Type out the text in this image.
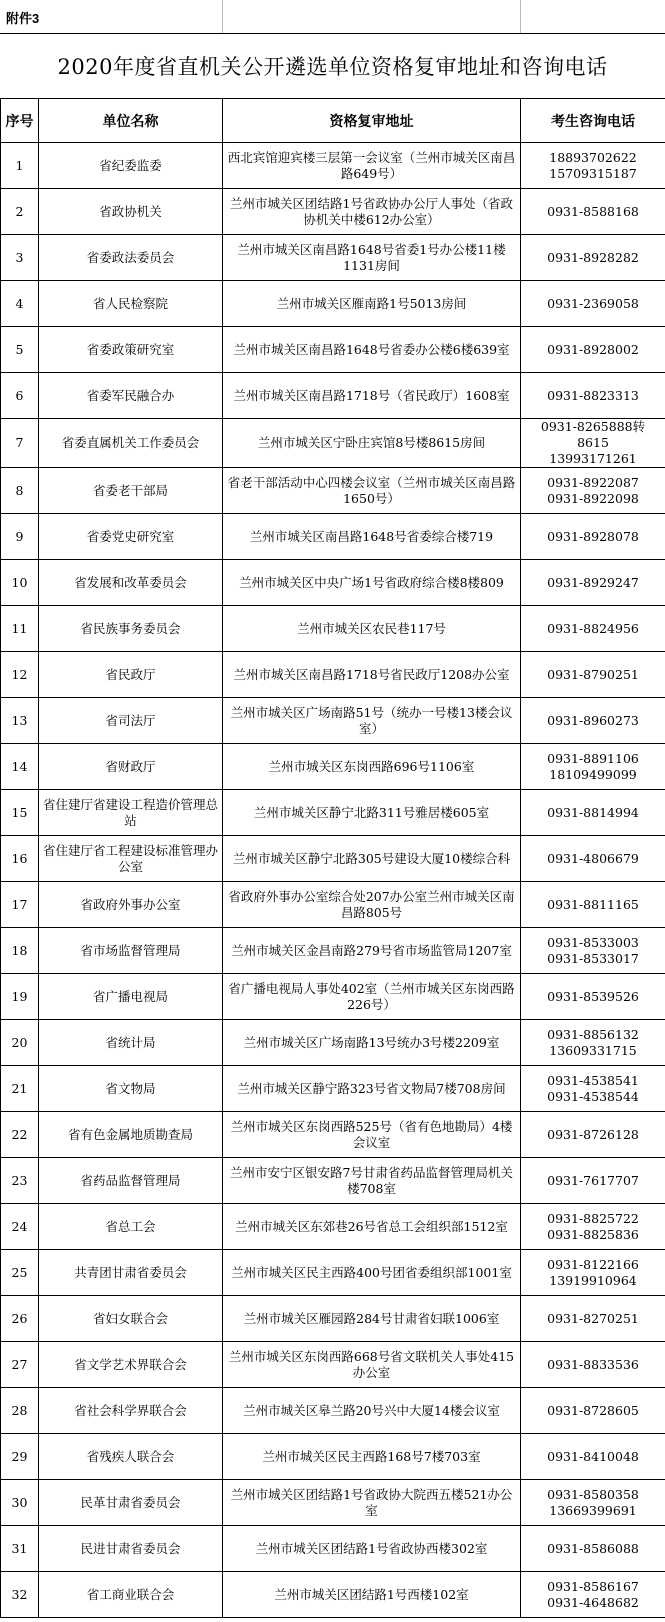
附件3
2020年度省直机关公开遴选单位资格复审地址和咨询电话
序号	单位名称	资格复审地址	考生咨询电话
1	省纪委监委	西北宾馆迎宾楼三层第一会议室（兰州市城关区南昌路649号）	18893702622
15709315187

2	省政协机关	兰州市城关区团结路1号省政协办公厅人事处（省政协机关中楼612办公室）	0931-8588168

3	省委政法委员会	兰州市城关区南昌路1648号省委1号办公楼11楼1131房间	0931-8928282

4	省人民检察院	兰州市城关区雁南路1号5013房间	0931-2369058

5	省委政策研究室	兰州市城关区南昌路1648号省委办公楼6楼639室	0931-8928002

6	省委军民融合办	兰州市城关区南昌路1718号（省民政厅）1608室	0931-8823313

7	省委直属机关工作委员会	兰州市城关区宁卧庄宾馆8号楼8615房间	0931-8265888转
8615
13993171261

8	省委老干部局	省老干部活动中心四楼会议室（兰州市城关区南昌路1650号）	0931-8922087
0931-8922098

9	省委党史研究室	兰州市城关区南昌路1648号省委综合楼719	0931-8928078

10	省发展和改革委员会	兰州市城关区中央广场1号省政府综合楼8楼809	0931-8929247

11	省民族事务委员会	兰州市城关区农民巷117号	0931-8824956

12	省民政厅	兰州市城关区南昌路1718号省民政厅1208办公室	0931-8790251

13	省司法厅	兰州市城关区广场南路51号（统办一号楼13楼会议室）	0931-8960273

14	省财政厅	兰州市城关区东岗西路696号1106室	0931-8891106
18109499099

15	省住建厅省建设工程造价管理总站	兰州市城关区静宁北路311号雅居楼605室	0931-8814994

16	省住建厅省工程建设标准管理办公室	兰州市城关区静宁北路305号建设大厦10楼综合科	0931-4806679

17	省政府外事办公室	省政府外事办公室综合处207办公室兰州市城关区南昌路805号	0931-8811165

18	省市场监督管理局	兰州市城关区金昌南路279号省市场监管局1207室	0931-8533003
0931-8533017

19	省广播电视局	省广播电视局人事处402室（兰州市城关区东岗西路226号）	0931-8539526

20	省统计局	兰州市城关区广场南路13号统办3号楼2209室	0931-8856132
13609331715

21	省文物局	兰州市城关区静宁路323号省文物局7楼708房间	0931-4538541
0931-4538544

22	省有色金属地质勘查局	兰州市城关区东岗西路525号（省有色地勘局）4楼会议室	0931-8726128

23	省药品监督管理局	兰州市安宁区银安路7号甘肃省药品监督管理局机关楼708室	0931-7617707

24	省总工会	兰州市城关区东郊巷26号省总工会组织部1512室	0931-8825722
0931-8825836

25	共青团甘肃省委员会	兰州市城关区民主西路400号团省委组织部1001室	0931-8122166
13919910964

26	省妇女联合会	兰州市城关区雁园路284号甘肃省妇联1006室	0931-8270251

27	省文学艺术界联合会	兰州市城关区东岗西路668号省文联机关人事处415办公室	0931-8833536

28	省社会科学界联合会	兰州市城关区皋兰路20号兴中大厦14楼会议室	0931-8728605

29	省残疾人联合会	兰州市城关区民主西路168号7楼703室	0931-8410048

30	民革甘肃省委员会	兰州市城关区团结路1号省政协大院西五楼521办公室	0931-8580358
13669399691

31	民进甘肃省委员会	兰州市城关区团结路1号省政协西楼302室	0931-8586088

32	省工商业联合会	兰州市城关区团结路1号西楼102室	0931-8586167
0931-4648682
